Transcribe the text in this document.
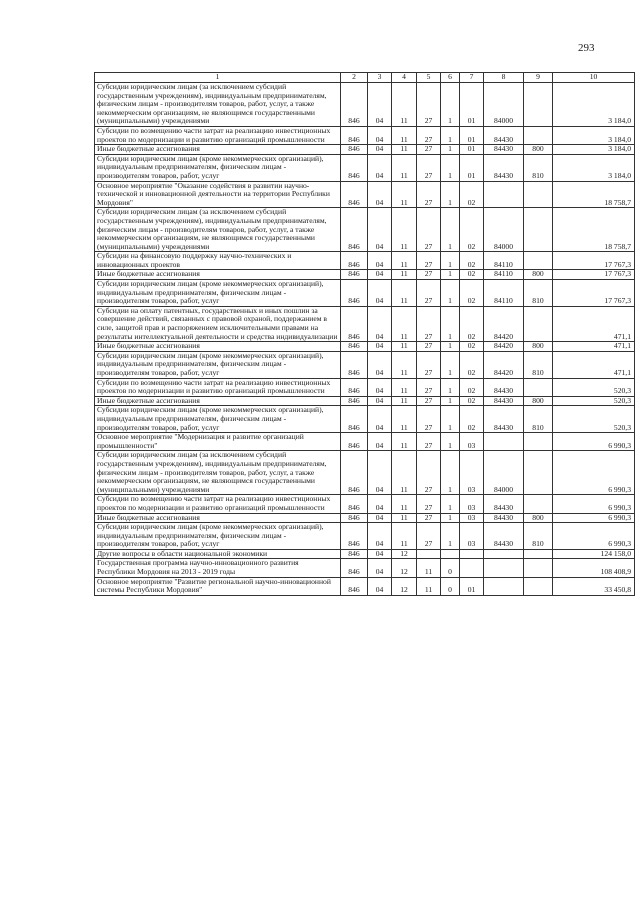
293
1	2	3	4	5	6	7	8	9	10
Субсидии юридическим лицам (за исключением субсидий государственным учреждениям), индивидуальным предпринимателям, физическим лицам - производителям товаров, работ, услуг, а также некоммерческим организациям, не являющимся государственными (муниципальными) учреждениями	846	04	11	27	1	01	84000		3 184,0
Субсидии по возмещению части затрат на реализацию инвестиционных проектов по модернизации и развитию организаций промышленности	846	04	11	27	1	01	84430		3 184,0
Иные бюджетные ассигнования	846	04	11	27	1	01	84430	800	3 184,0
Субсидии юридическим лицам (кроме некоммерческих организаций), индивидуальным предпринимателям, физическим лицам - производителям товаров, работ, услуг	846	04	11	27	1	01	84430	810	3 184,0
Основное мероприятие "Оказание содействия в развитии научно-технической и инновационной деятельности на территории Республики Мордовия"	846	04	11	27	1	02			18 758,7
Субсидии юридическим лицам (за исключением субсидий государственным учреждениям), индивидуальным предпринимателям, физическим лицам - производителям товаров, работ, услуг, а также некоммерческим организациям, не являющимся государственными (муниципальными) учреждениями	846	04	11	27	1	02	84000		18 758,7
Субсидии на финансовую поддержку научно-технических и инновационных проектов	846	04	11	27	1	02	84110		17 767,3
Иные бюджетные ассигнования	846	04	11	27	1	02	84110	800	17 767,3
Субсидии юридическим лицам (кроме некоммерческих организаций), индивидуальным предпринимателям, физическим лицам - производителям товаров, работ, услуг	846	04	11	27	1	02	84110	810	17 767,3
Субсидии на оплату патентных, государственных и иных пошлин за совершение действий, связанных с правовой охраной, поддержанием в силе, защитой прав и распоряжением исключительными правами на результаты интеллектуальной деятельности и средства индивидуализации	846	04	11	27	1	02	84420		471,1
Иные бюджетные ассигнования	846	04	11	27	1	02	84420	800	471,1
Субсидии юридическим лицам (кроме некоммерческих организаций), индивидуальным предпринимателям, физическим лицам - производителям товаров, работ, услуг	846	04	11	27	1	02	84420	810	471,1
Субсидии по возмещению части затрат на реализацию инвестиционных проектов по модернизации и развитию организаций промышленности	846	04	11	27	1	02	84430		520,3
Иные бюджетные ассигнования	846	04	11	27	1	02	84430	800	520,3
Субсидии юридическим лицам (кроме некоммерческих организаций), индивидуальным предпринимателям, физическим лицам - производителям товаров, работ, услуг	846	04	11	27	1	02	84430	810	520,3
Основное мероприятие "Модернизация и развитие организаций промышленности"	846	04	11	27	1	03			6 990,3
Субсидии юридическим лицам (за исключением субсидий государственным учреждениям), индивидуальным предпринимателям, физическим лицам - производителям товаров, работ, услуг, а также некоммерческим организациям, не являющимся государственными (муниципальными) учреждениями	846	04	11	27	1	03	84000		6 990,3
Субсидии по возмещению части затрат на реализацию инвестиционных проектов по модернизации и развитию организаций промышленности	846	04	11	27	1	03	84430		6 990,3
Иные бюджетные ассигнования	846	04	11	27	1	03	84430	800	6 990,3
Субсидии юридическим лицам (кроме некоммерческих организаций), индивидуальным предпринимателям, физическим лицам - производителям товаров, работ, услуг	846	04	11	27	1	03	84430	810	6 990,3
Другие вопросы в области национальной экономики	846	04	12						124 158,0
Государственная программа научно-инновационного развития Республики Мордовия на 2013 - 2019 годы	846	04	12	11	0				108 408,9
Основное мероприятие "Развитие региональной научно-инновационной системы Республики Мордовия"	846	04	12	11	0	01			33 450,8
